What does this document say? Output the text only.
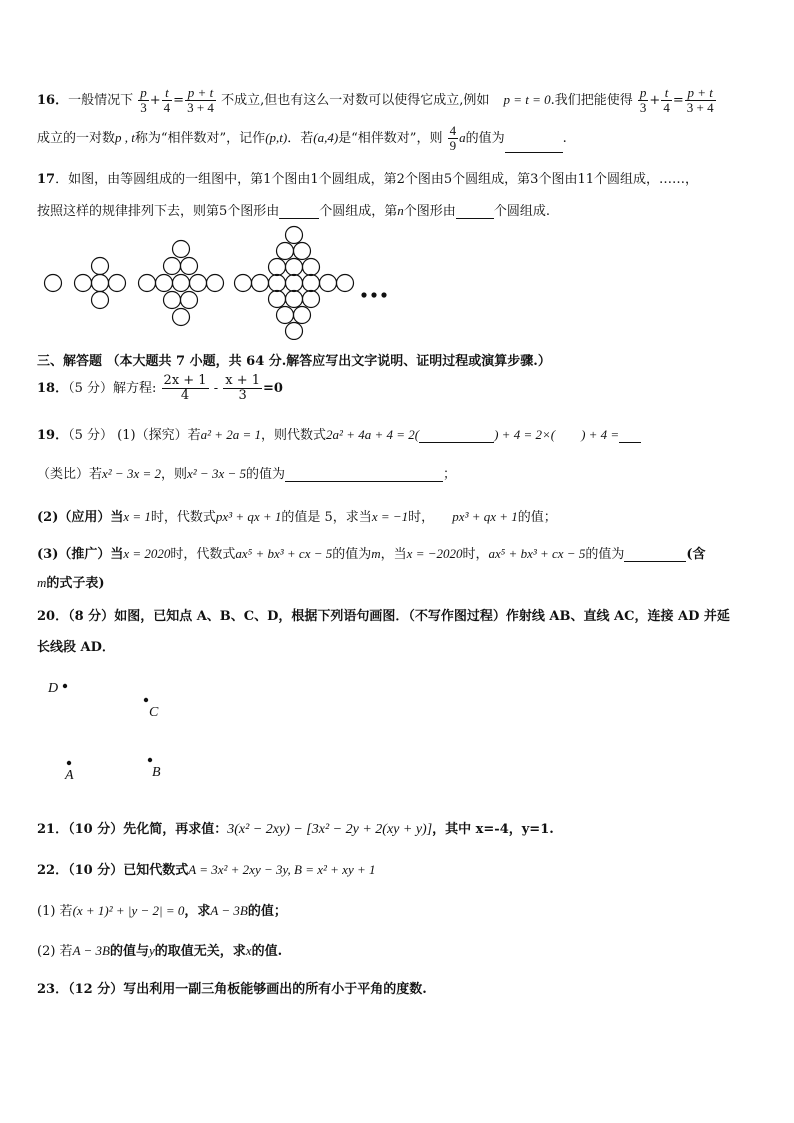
16．一般情况下 $\frac{p}{3} + \frac{t}{4} = \frac{p + t}{3 + 4}$ 不成立,但也有这么一对数可以使得它成立,例如 p = t = 0.我们把能使得 $\frac{p}{3} + \frac{t}{4} = \frac{p + t}{3 + 4}$
成立的一对数p , t称为“相伴数对”，记作(p,t)．若(a,4)是“相伴数对”，则 $\frac{4}{9}$ a的值为	.
17．如图，由等圆组成的一组图中，第1个图由1个圆组成，第2个图由5个圆组成，第3个图由11个圆组成，……，
按照这样的规律排列下去，则第5个图形由	个圆组成，第n个图形由	个圆组成.
三、解答题 （本大题共 7 小题，共 64 分.解答应写出文字说明、证明过程或演算步骤.）
18．（5 分）解方程: $\frac{2x + 1}{4} - \frac{x + 1}{3} =0$
19．（5 分） (1)（探究）若a² + 2a = 1，则代数式2a² + 4a + 4 = 2(	) + 4 = 2×(　　) + 4 =
（类比）若x² − 3x = 2，则x² − 3x − 5的值为	；
(2)（应用）当x = 1时，代数式px³ + qx + 1的值是 5，求当x = −1时， px³ + qx + 1的值；
(3)（推广）当x = 2020时，代数式ax⁵ + bx³ + cx − 5的值为m，当x = −2020时，ax⁵ + bx³ + cx − 5的值为	(含
m的式子表)
20．（8 分）如图，已知点 A、B、C、D，根据下列语句画图．（不写作图过程）作射线 AB、直线 AC，连接 AD 并延
长线段 AD．
D
C
A	B
21．（10 分）先化简，再求值：3(x² − 2xy) − [3x² − 2y + 2(xy + y)]，其中 x=-4，y=1.
22．（10 分）已知代数式A = 3x² + 2xy − 3y, B = x² + xy + 1
(1) 若(x + 1)² + |y − 2| = 0，求A − 3B的值；
(2) 若A − 3B的值与y的取值无关，求x的值.
23．（12 分）写出利用一副三角板能够画出的所有小于平角的度数.
